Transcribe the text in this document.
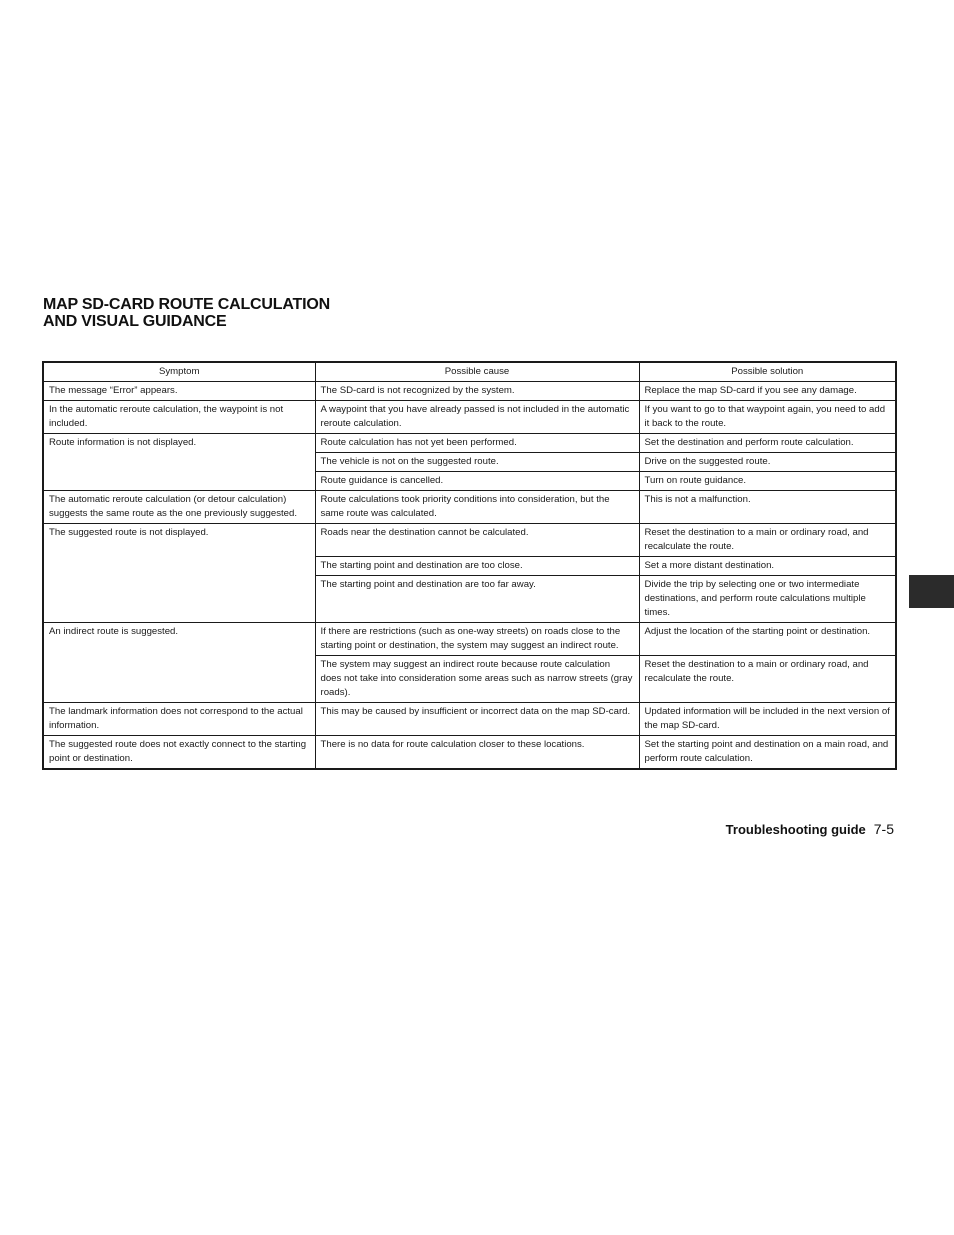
MAP SD-CARD ROUTE CALCULATION
AND VISUAL GUIDANCE
Symptom	Possible cause	Possible solution
The message “Error” appears.	The SD-card is not recognized by the system.	Replace the map SD-card if you see any damage.
In the automatic reroute calculation, the waypoint is not included.	A waypoint that you have already passed is not included in the automatic reroute calculation.	If you want to go to that waypoint again, you need to add it back to the route.
Route information is not displayed.	Route calculation has not yet been performed.	Set the destination and perform route calculation.
	The vehicle is not on the suggested route.	Drive on the suggested route.
	Route guidance is cancelled.	Turn on route guidance.
The automatic reroute calculation (or detour calculation) suggests the same route as the one previously suggested.	Route calculations took priority conditions into consideration, but the same route was calculated.	This is not a malfunction.
The suggested route is not displayed.	Roads near the destination cannot be calculated.	Reset the destination to a main or ordinary road, and recalculate the route.
	The starting point and destination are too close.	Set a more distant destination.
	The starting point and destination are too far away.	Divide the trip by selecting one or two intermediate destinations, and perform route calculations multiple times.
An indirect route is suggested.	If there are restrictions (such as one-way streets) on roads close to the starting point or destination, the system may suggest an indirect route.	Adjust the location of the starting point or destination.
	The system may suggest an indirect route because route calculation does not take into consideration some areas such as narrow streets (gray roads).	Reset the destination to a main or ordinary road, and recalculate the route.
The landmark information does not correspond to the actual information.	This may be caused by insufficient or incorrect data on the map SD-card.	Updated information will be included in the next version of the map SD-card.
The suggested route does not exactly connect to the starting point or destination.	There is no data for route calculation closer to these locations.	Set the starting point and destination on a main road, and perform route calculation.
Troubleshooting guide 7-5
